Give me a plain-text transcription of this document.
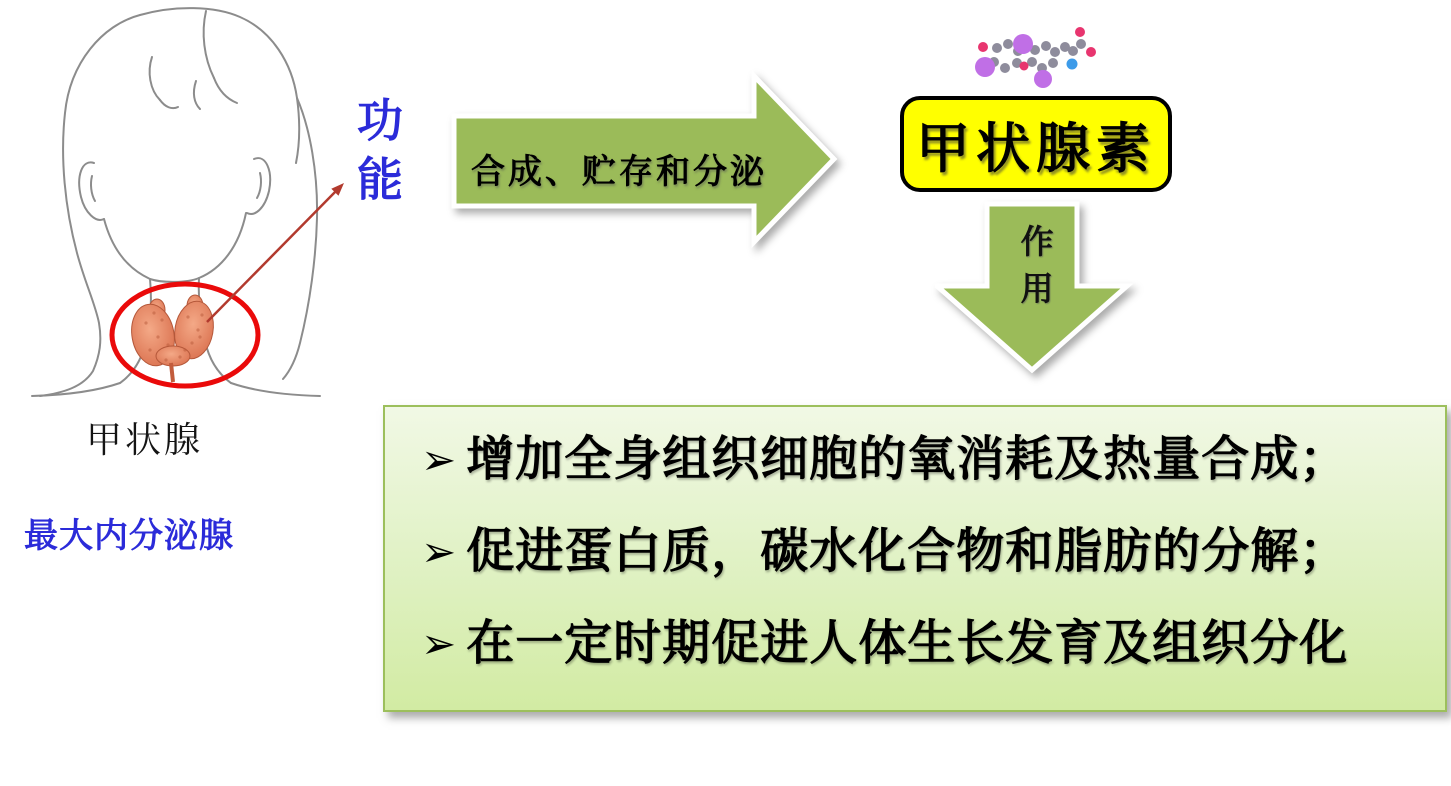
甲状腺
最大内分泌腺
功能	合成、贮存和分泌	甲状腺素
作用
➢ 增加全身组织细胞的氧消耗及热量合成；
➢ 促进蛋白质，碳水化合物和脂肪的分解；
➢ 在一定时期促进人体生长发育及组织分化
